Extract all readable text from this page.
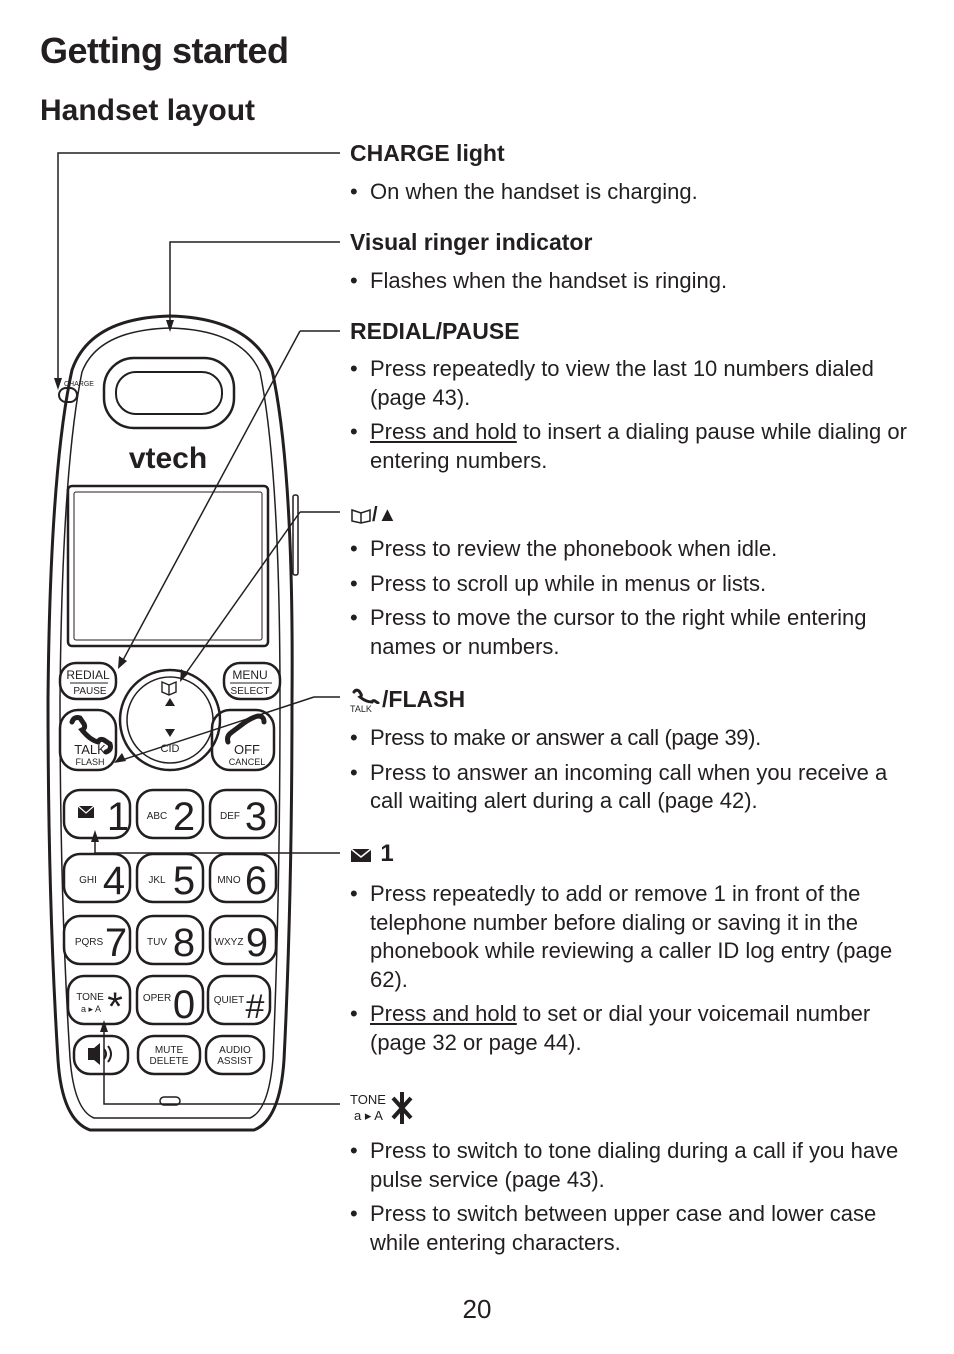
Getting started
Handset layout
vtech
CHARGE
REDIAL
PAUSE
MENU
SELECT
CID
TALK
FLASH
OFF
CANCEL
1 ABC 2 DEF 3
GHI 4 JKL 5 MNO 6
PQRS 7 TUV 8 WXYZ 9
TONE
a ▸ A * OPER 0 QUIET #
MUTE
DELETE
AUDIO
ASSIST
CHARGE light
• On when the handset is charging.
Visual ringer indicator
• Flashes when the handset is ringing.
REDIAL/PAUSE
• Press repeatedly to view the last 10 numbers dialed (page 43).
• Press and hold to insert a dialing pause while dialing or entering numbers.
/▲
• Press to review the phonebook when idle.
• Press to scroll up while in menus or lists.
• Press to move the cursor to the right while entering names or numbers.
TALK /FLASH
• Press to make or answer a call (page 39).
• Press to answer an incoming call when you receive a call waiting alert during a call (page 42).
1
• Press repeatedly to add or remove 1 in front of the telephone number before dialing or saving it in the phonebook while reviewing a caller ID log entry (page 62).
• Press and hold to set or dial your voicemail number (page 32 or page 44).
TONE
a ▸ A
• Press to switch to tone dialing during a call if you have pulse service (page 43).
• Press to switch between upper case and lower case while entering characters.
20
